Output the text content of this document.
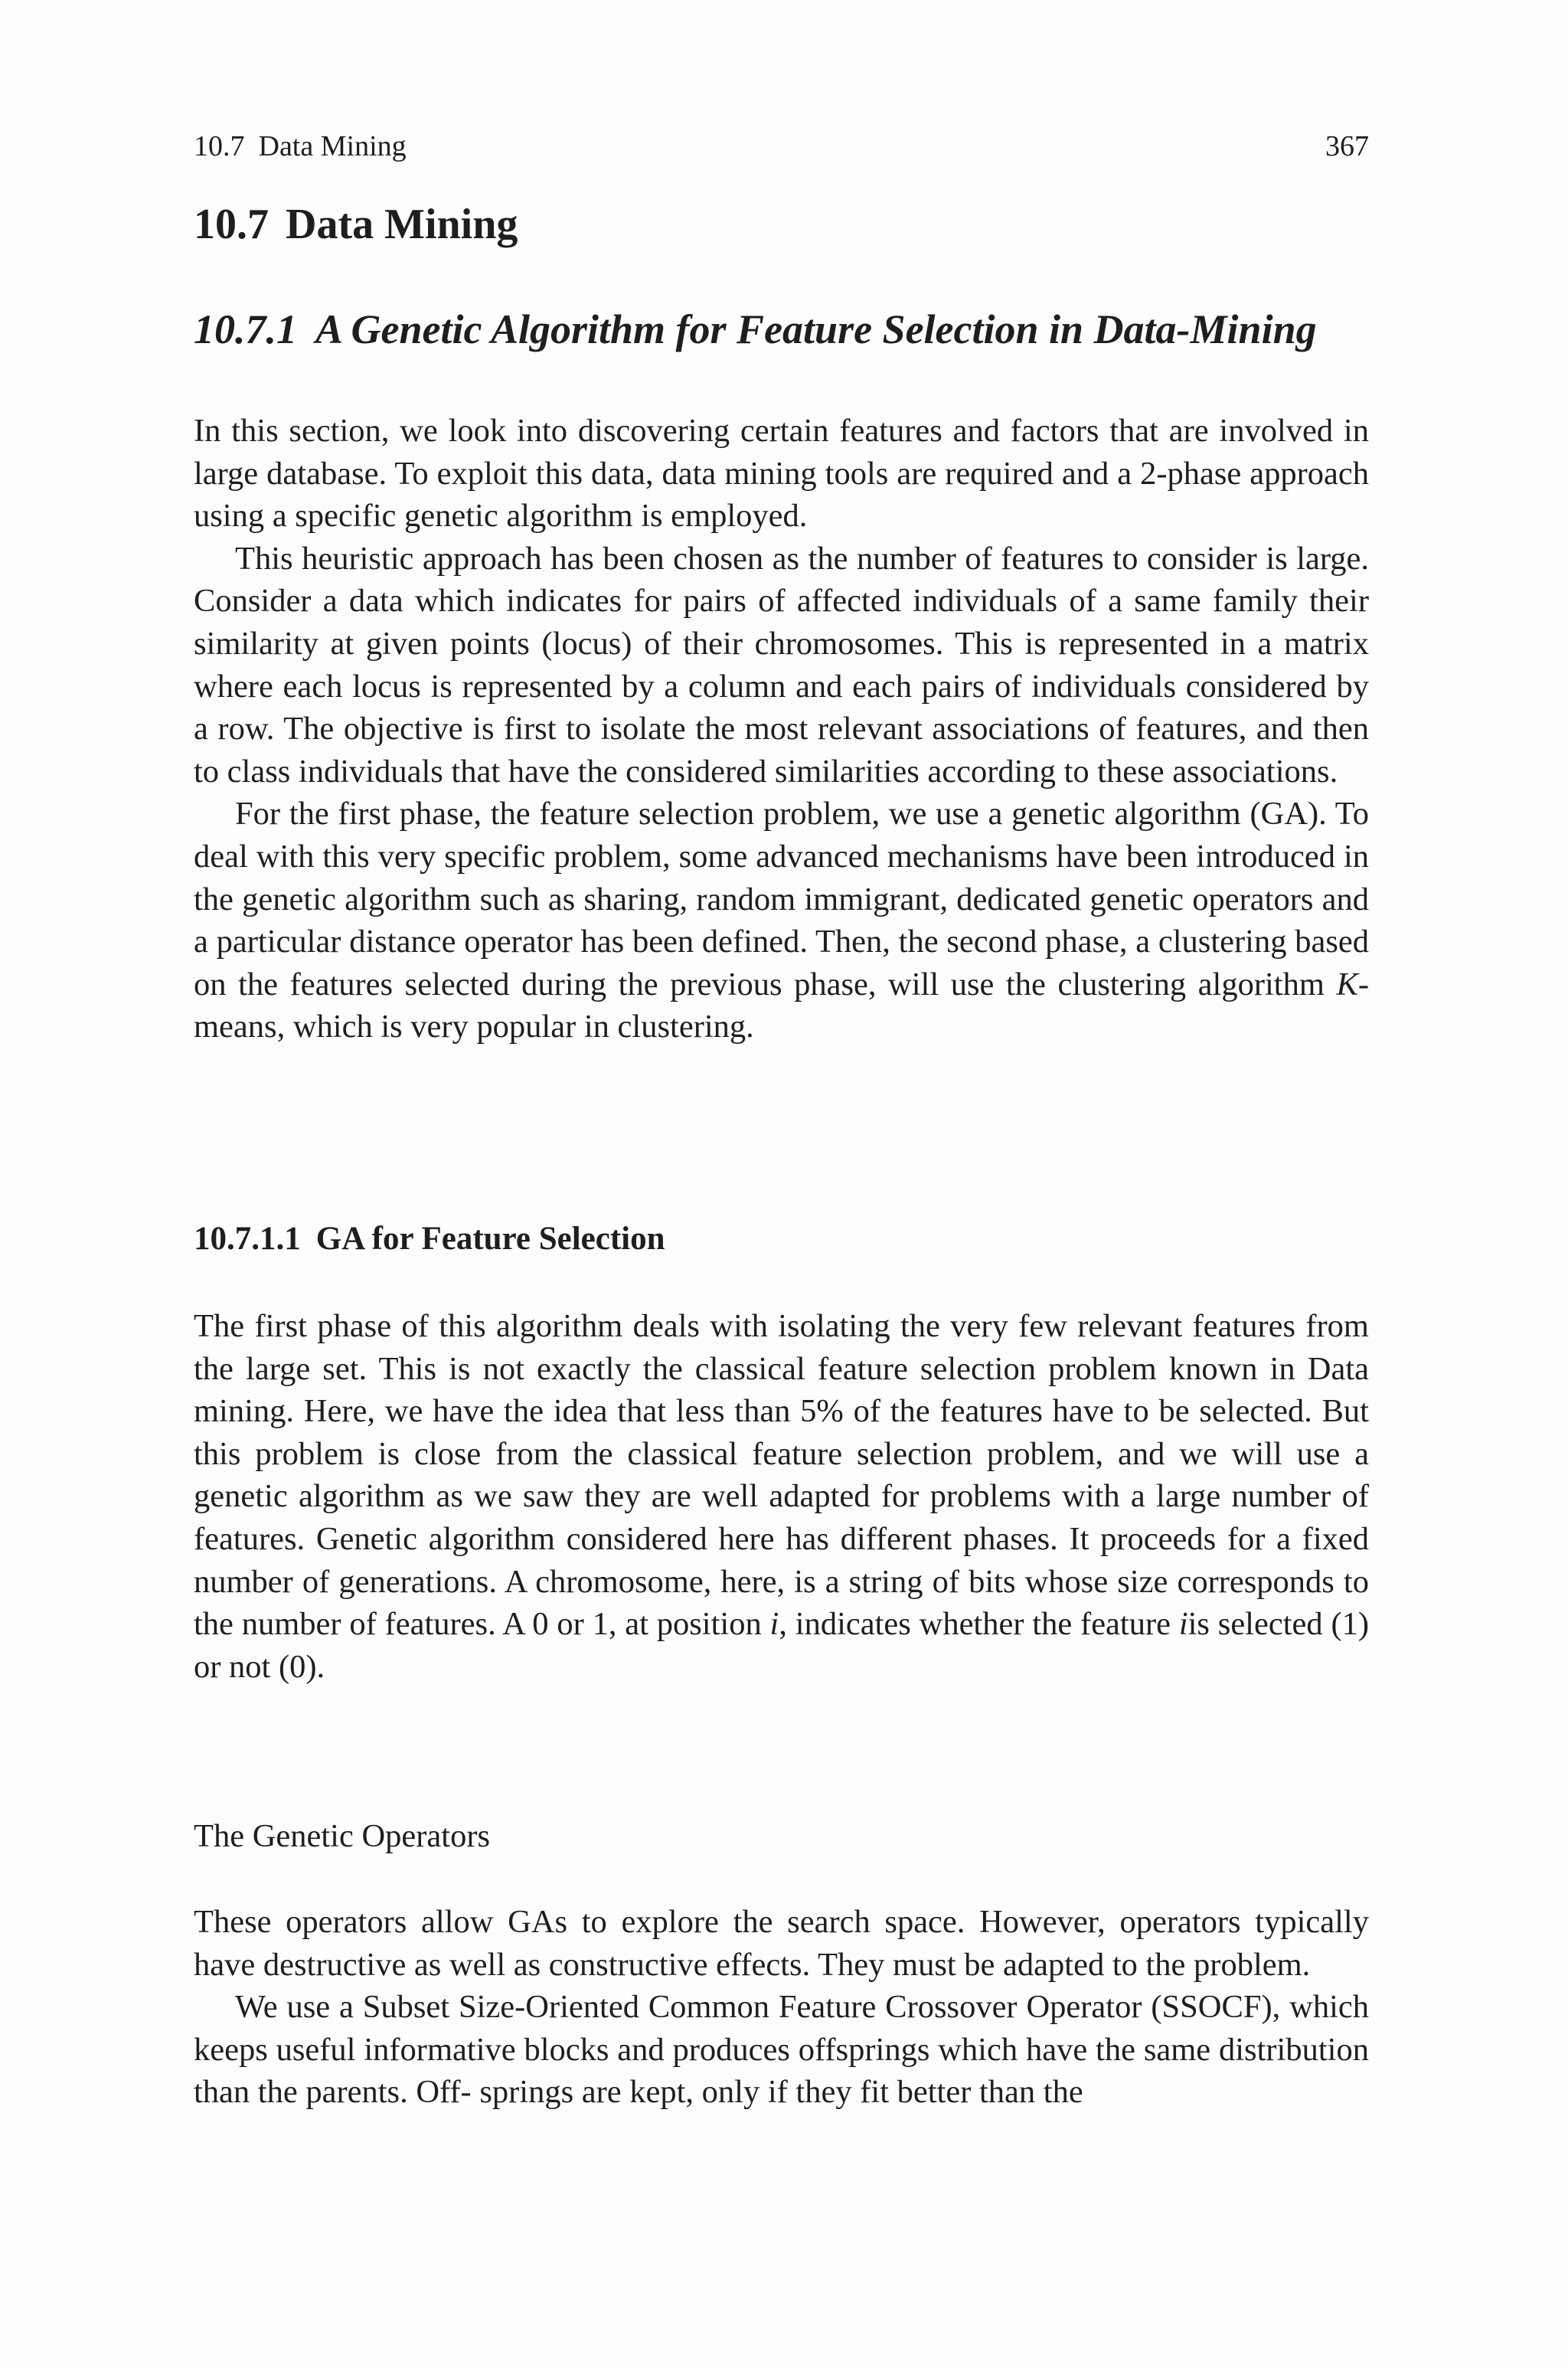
10.7 Data Mining	367
10.7 Data Mining
10.7.1 A Genetic Algorithm for Feature Selection in Data-Mining

In this section, we look into discovering certain features and factors that are involved in large database. To exploit this data, data mining tools are required and a 2-phase approach using a specific genetic algorithm is employed.

This heuristic approach has been chosen as the number of features to consider is large. Consider a data which indicates for pairs of affected individuals of a same family their similarity at given points (locus) of their chromosomes. This is represented in a matrix where each locus is represented by a column and each pairs of individuals considered by a row. The objective is first to isolate the most relevant associations of features, and then to class individuals that have the considered similarities according to these associations.

For the first phase, the feature selection problem, we use a genetic algorithm (GA). To deal with this very specific problem, some advanced mechanisms have been introduced in the genetic algorithm such as sharing, random immigrant, dedicated genetic operators and a particular distance operator has been defined. Then, the second phase, a clustering based on the features selected during the previous phase, will use the clustering algorithm K-means, which is very popular in clustering.

10.7.1.1 GA for Feature Selection

The first phase of this algorithm deals with isolating the very few relevant features from the large set. This is not exactly the classical feature selection problem known in Data mining. Here, we have the idea that less than 5% of the features have to be selected. But this problem is close from the classical feature selection problem, and we will use a genetic algorithm as we saw they are well adapted for problems with a large number of features. Genetic algorithm considered here has different phases. It proceeds for a fixed number of generations. A chromosome, here, is a string of bits whose size corresponds to the number of features. A 0 or 1, at position i, indicates whether the feature iis selected (1) or not (0).

The Genetic Operators

These operators allow GAs to explore the search space. However, operators typically have destructive as well as constructive effects. They must be adapted to the problem.

We use a Subset Size-Oriented Common Feature Crossover Operator (SSOCF), which keeps useful informative blocks and produces offsprings which have the same distribution than the parents. Off- springs are kept, only if they fit better than the
